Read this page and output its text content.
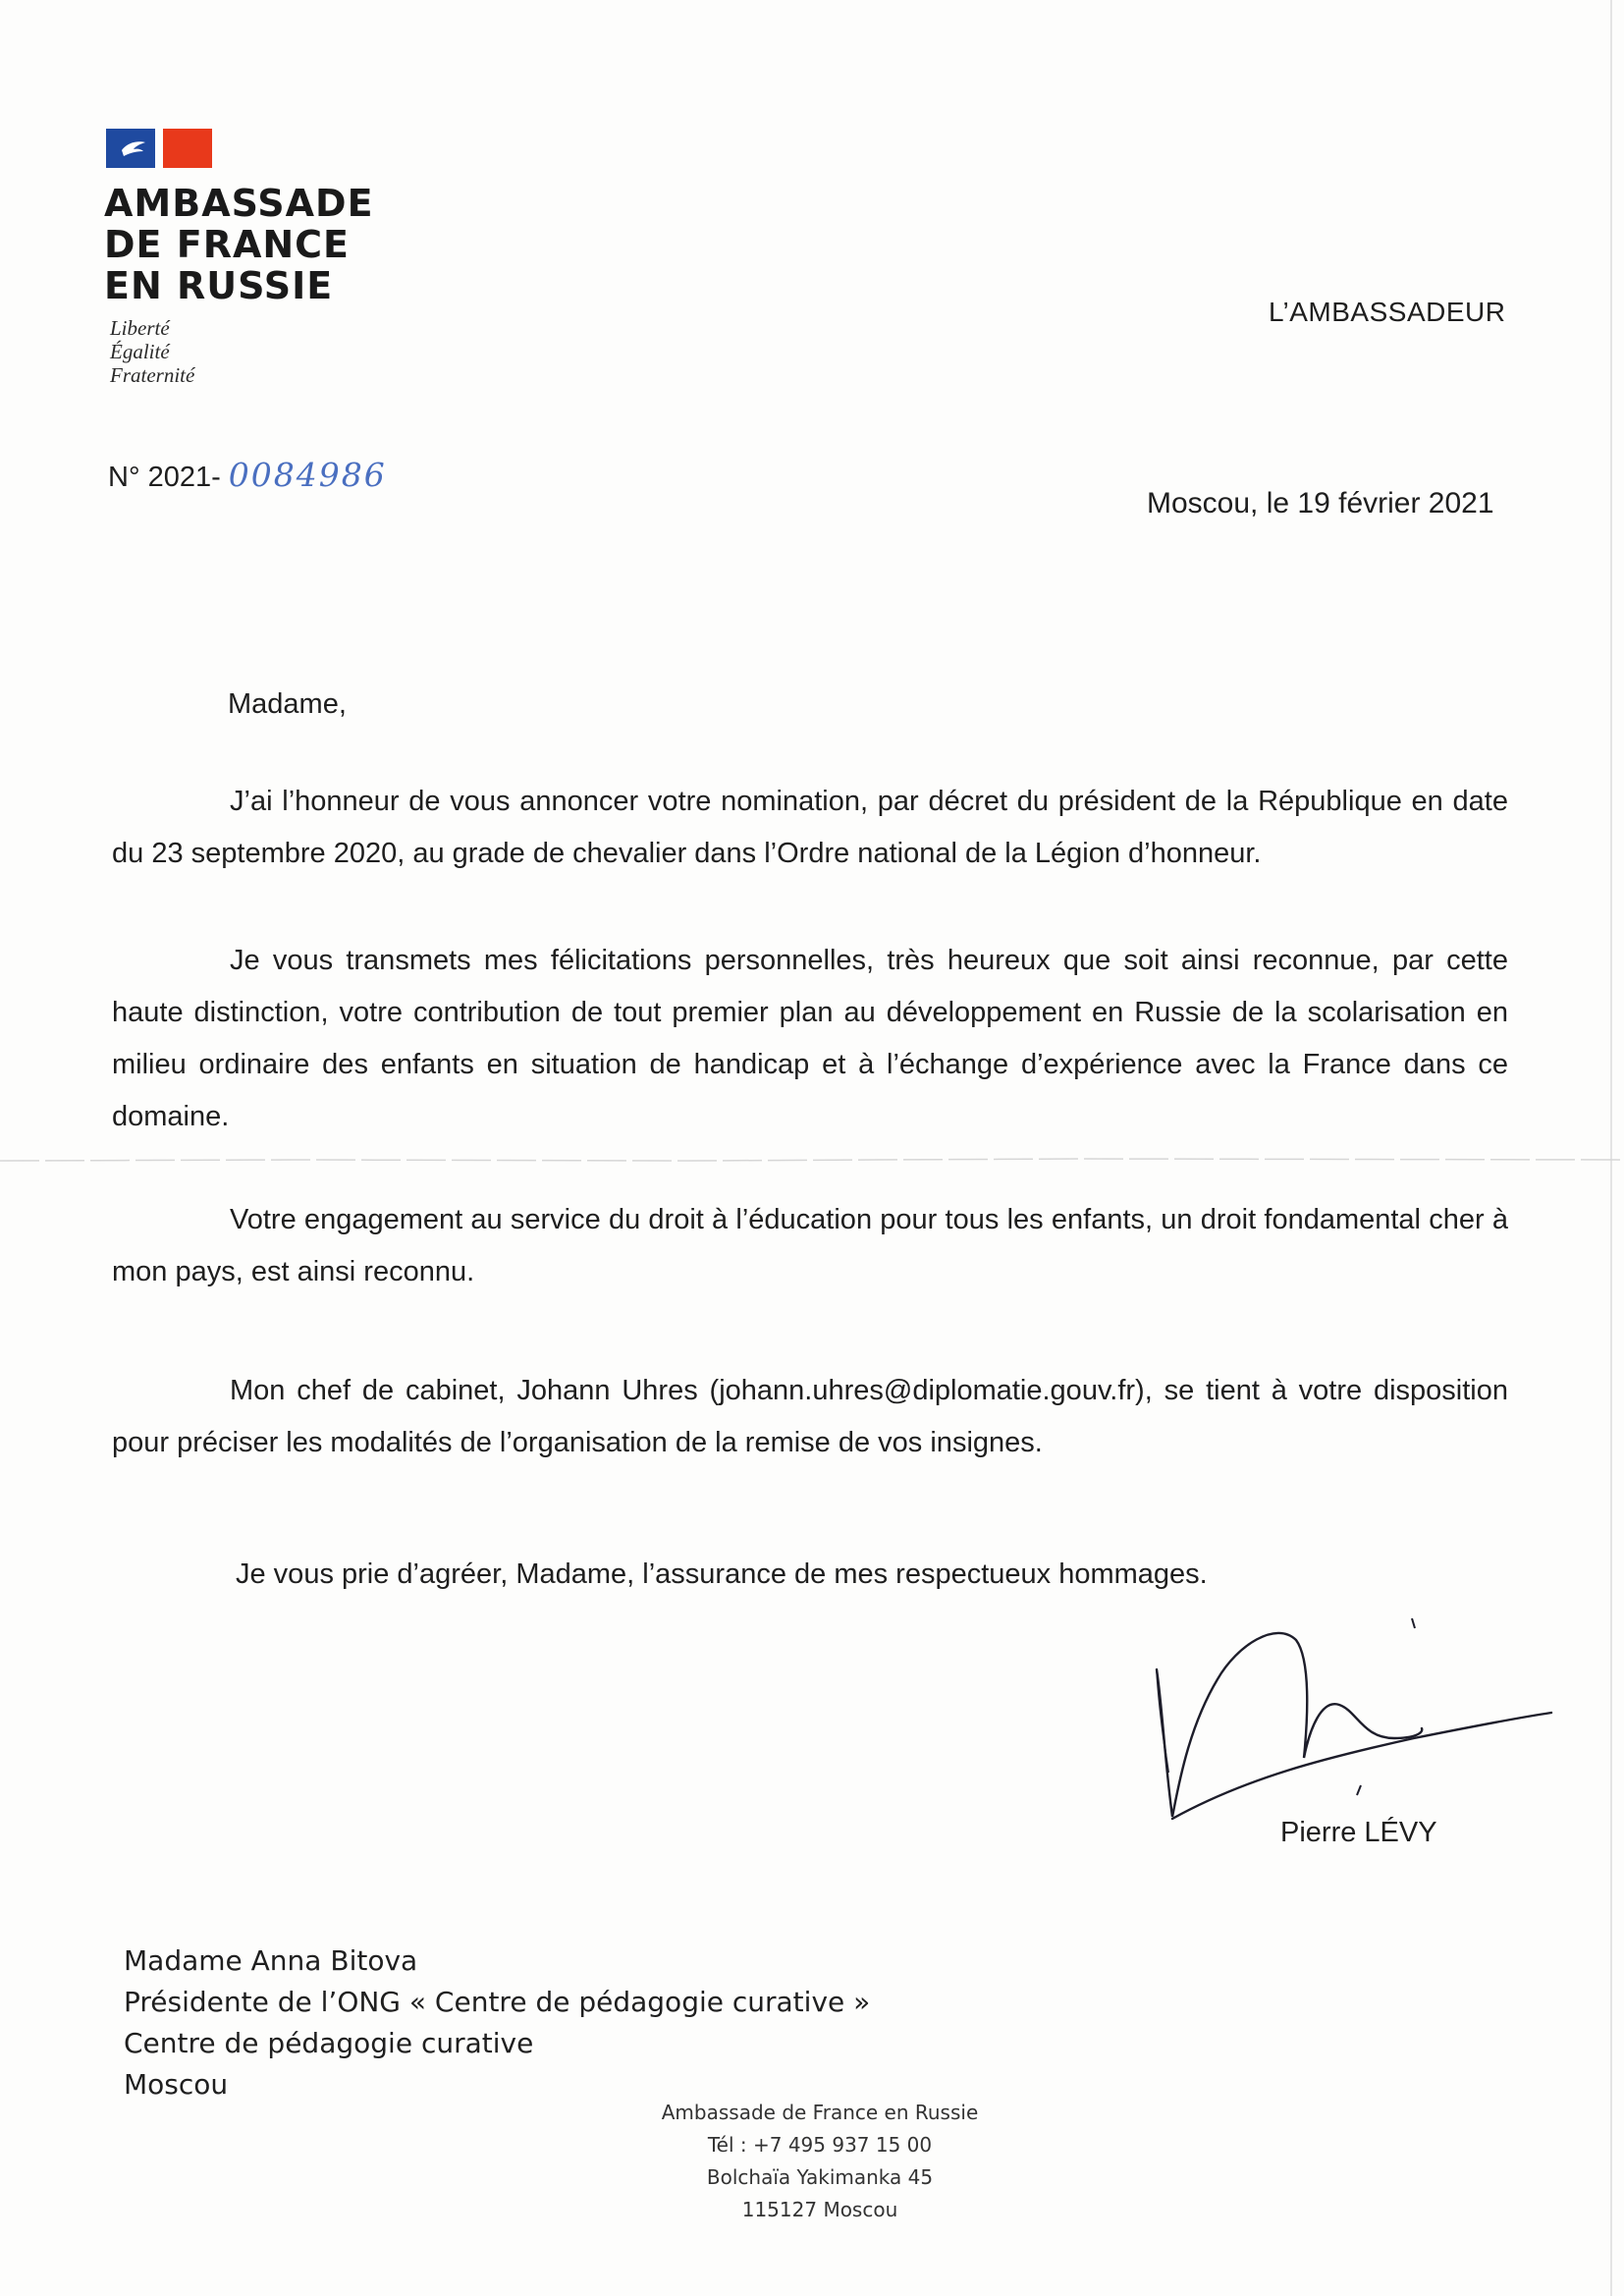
AMBASSADE
DE FRANCE
EN RUSSIE
Liberté
Égalité
Fraternité
L’AMBASSADEUR
N° 2021- 0084986
Moscou, le 19 février 2021
Madame,
J’ai l’honneur de vous annoncer votre nomination, par décret du président de la République en date du 23 septembre 2020, au grade de chevalier dans l’Ordre national de la Légion d’honneur.
Je vous transmets mes félicitations personnelles, très heureux que soit ainsi reconnue, par cette haute distinction, votre contribution de tout premier plan au développement en Russie de la scolarisation en milieu ordinaire des enfants en situation de handicap et à l’échange d’expérience avec la France dans ce domaine.
Votre engagement au service du droit à l’éducation pour tous les enfants, un droit fondamental cher à mon pays, est ainsi reconnu.
Mon chef de cabinet, Johann Uhres (johann.uhres@diplomatie.gouv.fr), se tient à votre disposition pour préciser les modalités de l’organisation de la remise de vos insignes.
Je vous prie d’agréer, Madame, l’assurance de mes respectueux hommages.
Pierre LÉVY
Madame Anna Bitova
Présidente de l’ONG « Centre de pédagogie curative »
Centre de pédagogie curative
Moscou
Ambassade de France en Russie
Tél : +7 495 937 15 00
Bolchaïa Yakimanka 45
115127 Moscou
